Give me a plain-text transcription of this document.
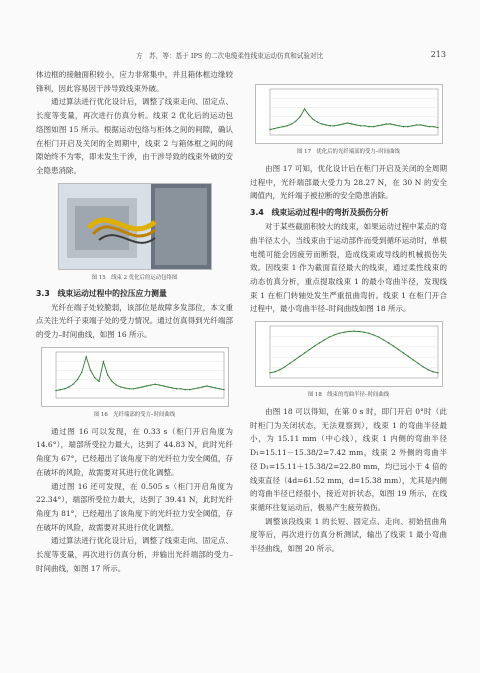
方　苏，等：基于 IPS 的二次电缆柔性线束运动仿真和试验对比	213

体边框的接触面积较小，应力非常集中，并且箱体框边缘较锋利，因此容易因干涉导致线束外破。

通过算法进行优化设计后，调整了线束走向、固定点、长度等变量，再次进行仿真分析。线束 2 优化后的运动包络图如图 15 所示。根据运动包络与柜体之间的间隙，确认在柜门开启及关闭的全周期中，线束 2 与箱体框之间的间隙始终不为零，即未发生干涉，由干涉导致的线束外破的安全隐患消除。

图 15　线束 2 优化后的运动包络图
3.3　线束运动过程中的拉压应力测量

光纤在端子处较脆弱，该部位是故障多发部位，本文重点关注光纤子束端子处的受力情况。通过仿真得到光纤端部的受力–时间曲线，如图 16 所示。

图 16　光纤端部的受力–时间曲线

通过图 16 可以发现，在 0.33 s（柜门开启角度为 14.6°），端部所受拉力最大，达到了 44.83 N，此时光纤角度为 67°，已经超出了该角度下的光纤拉力安全阈值，存在破坏的风险，故需要对其进行优化调整。

通过图 16 还可发现，在 0.505 s（柜门开启角度为 22.34°），端部所受拉力最大，达到了 39.41 N，此时光纤角度为 81°，已经超出了该角度下的光纤拉力安全阈值，存在破坏的风险，故需要对其进行优化调整。

通过算法进行优化设计后，调整了线束走向、固定点、长度等变量，再次进行仿真分析，并输出光纤端部的受力–时间曲线，如图 17 所示。

图 17　优化后的光纤端部的受力–时间曲线

由图 17 可知，优化设计后在柜门开启及关闭的全周期过程中，光纤端部最大受力为 28.27 N，在 30 N 的安全阈值内，光纤端子被拉断的安全隐患消除。

3.4　线束运动过程中的弯折及损伤分析

对于某些截面积较大的线束，如果运动过程中某点的弯曲半径太小，当线束由于运动部件而受到循环运动时，单根电缆可能会因疲劳而断裂，造成线束或导线的机械损伤失效。因线束 1 作为截面直径最大的线束，通过柔性线束的动态仿真分析，重点提取线束 1 的最小弯曲半径，发现线束 1 在柜门转轴处发生严重扭曲弯折。线束 1 在柜门开合过程中，最小弯曲半径–时间曲线如图 18 所示。

图 18　线束的弯曲半径–时间曲线

由图 18 可以得知，在第 0 s 时，即门开启 0°时（此时柜门为关闭状态，无法观察到），线束 1 的弯曲半径最小，为 15.11 mm（中心线），线束 1 内侧的弯曲半径 D₁=15.11－15.38/2=7.42 mm，线束 2 外侧的弯曲半径 D₁=15.11＋15.38/2=22.80 mm，均已远小于 4 倍的线束直径（4d=61.52 mm，d=15.38 mm），尤其是内侧的弯曲半径已经很小，接近对折状态，如图 19 所示，在线束循环往复运动后，极易产生疲劳损伤。

调整该段线束 1 的长短、固定点、走向、初始扭曲角度等后，再次进行仿真分析测试，输出了线束 1 最小弯曲半径曲线，如图 20 所示。
